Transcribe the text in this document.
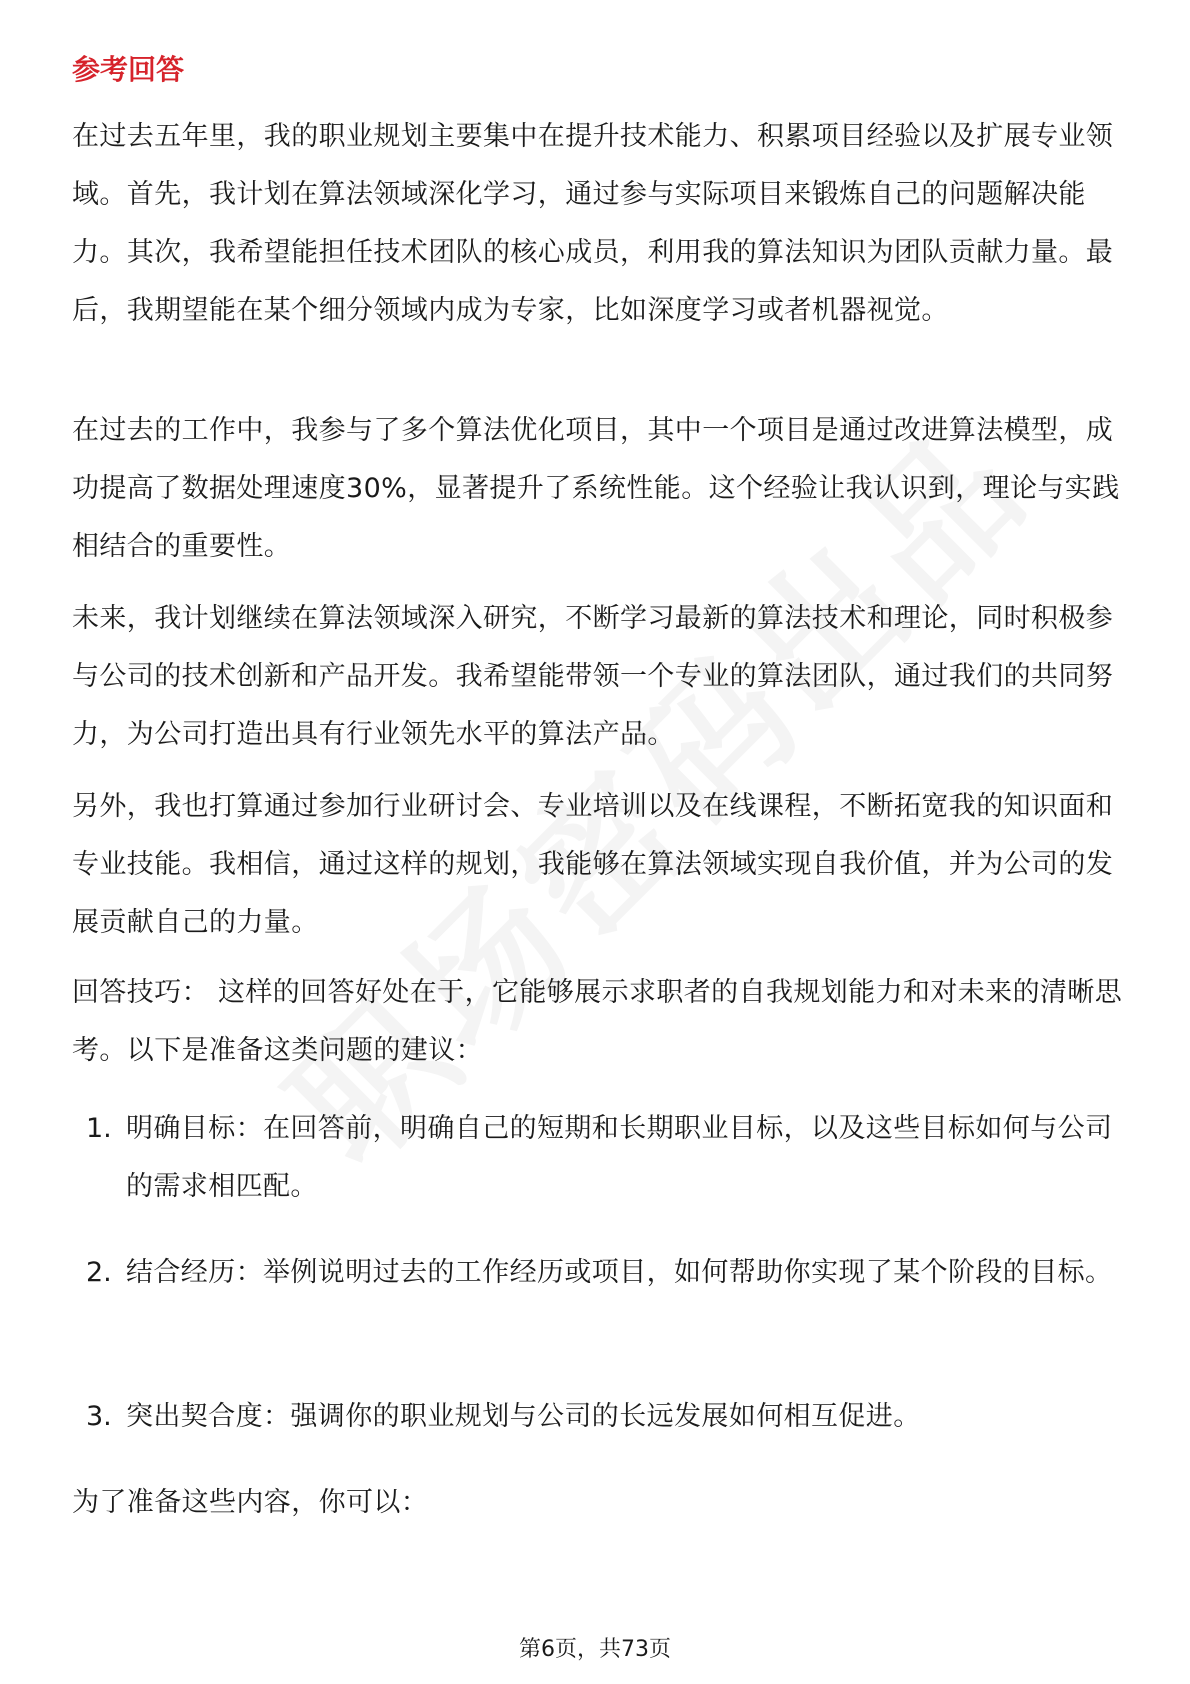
参考回答
在过去五年里，我的职业规划主要集中在提升技术能力、积累项目经验以及扩展专业领域。首先，我计划在算法领域深化学习，通过参与实际项目来锻炼自己的问题解决能力。其次，我希望能担任技术团队的核心成员，利用我的算法知识为团队贡献力量。最后，我期望能在某个细分领域内成为专家，比如深度学习或者机器视觉。
在过去的工作中，我参与了多个算法优化项目，其中一个项目是通过改进算法模型，成功提高了数据处理速度30%，显著提升了系统性能。这个经验让我认识到，理论与实践相结合的重要性。
未来，我计划继续在算法领域深入研究，不断学习最新的算法技术和理论，同时积极参与公司的技术创新和产品开发。我希望能带领一个专业的算法团队，通过我们的共同努力，为公司打造出具有行业领先水平的算法产品。
另外，我也打算通过参加行业研讨会、专业培训以及在线课程，不断拓宽我的知识面和专业技能。我相信，通过这样的规划，我能够在算法领域实现自我价值，并为公司的发展贡献自己的力量。
回答技巧： 这样的回答好处在于，它能够展示求职者的自我规划能力和对未来的清晰思考。以下是准备这类问题的建议：
1. 明确目标：在回答前，明确自己的短期和长期职业目标，以及这些目标如何与公司的需求相匹配。
2. 结合经历：举例说明过去的工作经历或项目，如何帮助你实现了某个阶段的目标。
3. 突出契合度：强调你的职业规划与公司的长远发展如何相互促进。
为了准备这些内容，你可以：
第6页，共73页
